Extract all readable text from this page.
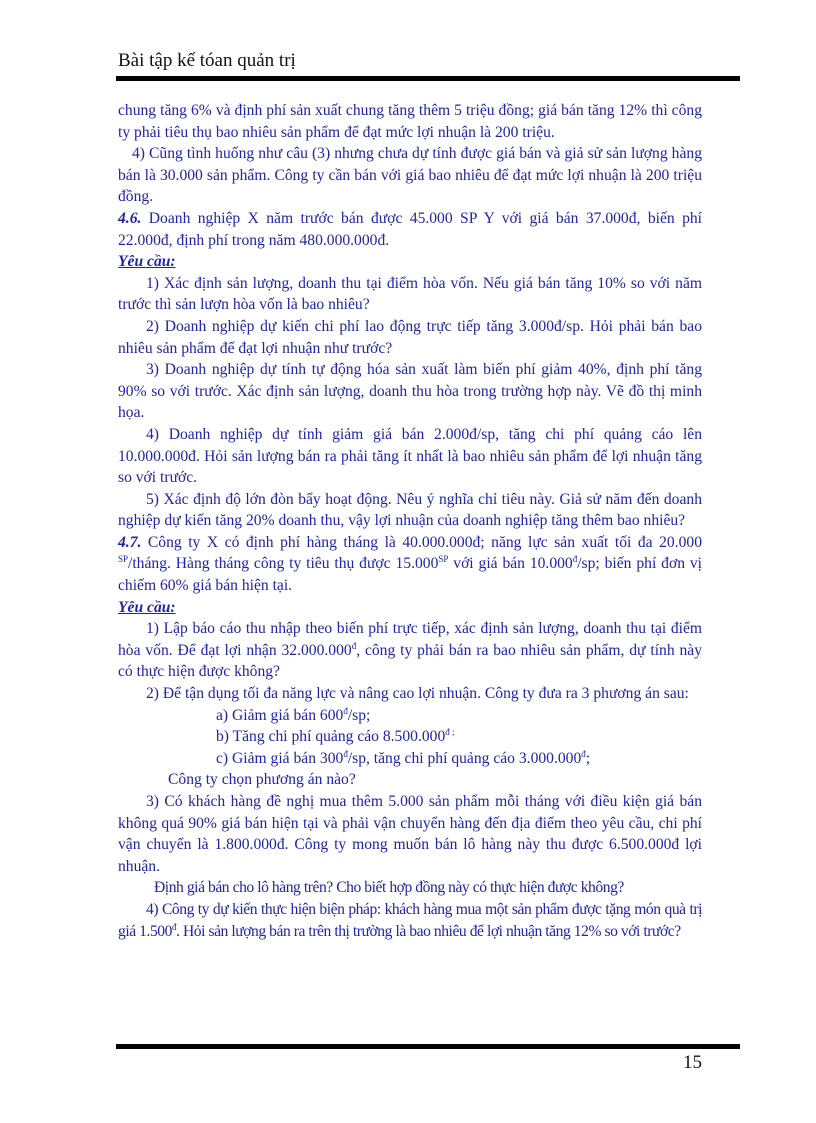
Bài tập kế tóan quản trị

chung tăng 6% và định phí sản xuất chung tăng thêm 5 triệu đồng; giá bán tăng 12% thì công ty phải tiêu thụ bao nhiêu sản phẩm để đạt mức lợi nhuận là 200 triệu.

4) Cũng tình huống như câu (3) nhưng chưa dự tính được giá bán và giả sử sản lượng hàng bán là 30.000 sản phẩm. Công ty cần bán với giá bao nhiêu để đạt mức lợi nhuận là 200 triệu đồng.

4.6. Doanh nghiệp X năm trước bán được 45.000 SP Y với giá bán 37.000đ, biến phí 22.000đ, định phí trong năm 480.000.000đ.

Yêu cầu:

1) Xác định sản lượng, doanh thu tại điểm hòa vốn. Nếu giá bán tăng 10% so với năm trước thì sản lượn hòa vốn là bao nhiêu?

2) Doanh nghiệp dự kiến chi phí lao động trực tiếp tăng 3.000đ/sp. Hỏi phải bán bao nhiêu sản phẩm để đạt lợi nhuận như trước?

3) Doanh nghiệp dự tính tự động hóa sản xuất làm biến phí giảm 40%, định phí tăng 90% so với trước. Xác định sản lượng, doanh thu hòa trong trường hợp này. Vẽ đồ thị minh họa.

4) Doanh nghiệp dự tính giảm giá bán 2.000đ/sp, tăng chi phí quảng cáo lên 10.000.000đ. Hỏi sản lượng bán ra phải tăng ít nhất là bao nhiêu sản phẩm để lợi nhuận tăng so với trước.

5) Xác định độ lớn đòn bẩy hoạt động. Nêu ý nghĩa chỉ tiêu này. Giả sử năm đến doanh nghiệp dự kiến tăng 20% doanh thu, vậy lợi nhuận của doanh nghiệp tăng thêm bao nhiêu?

4.7. Công ty X có định phí hàng tháng là 40.000.000đ; năng lực sản xuất tối đa 20.000 $^{SP}$/tháng. Hàng tháng công ty tiêu thụ được $15.000^{SP}$ với giá bán $10.000^đ/sp$; biến phí đơn vị chiếm 60% giá bán hiện tại.

Yêu cầu:

1) Lập báo cáo thu nhập theo biến phí trực tiếp, xác định sản lượng, doanh thu tại điểm hòa vốn. Để đạt lợi nhận $32.000.000^đ$, công ty phải bán ra bao nhiêu sản phẩm, dự tính này có thực hiện được không?

2) Để tận dụng tối đa năng lực và nâng cao lợi nhuận. Công ty đưa ra 3 phương án sau:

a) Giảm giá bán $600^đ/sp$;

b) Tăng chi phí quảng cáo $8.500.000^{đ ;}$

c) Giảm giá bán $300^đ/sp$, tăng chi phí quảng cáo $3.000.000^đ$;

Công ty chọn phương án nào?

3) Có khách hàng đề nghị mua thêm 5.000 sản phẩm mỗi tháng với điều kiện giá bán không quá 90% giá bán hiện tại và phải vận chuyển hàng đến địa điểm theo yêu cầu, chi phí vận chuyển là 1.800.000đ. Công ty mong muốn bán lô hàng này thu được 6.500.000đ lợi nhuận.

Định giá bán cho lô hàng trên? Cho biết hợp đồng này có thực hiện được không?

4) Công ty dự kiến thực hiện biện pháp: khách hàng mua một sản phẩm được tặng món quà trị giá $1.500^đ$. Hỏi sản lượng bán ra trên thị trường là bao nhiêu để lợi nhuận tăng 12% so với trước?

15
